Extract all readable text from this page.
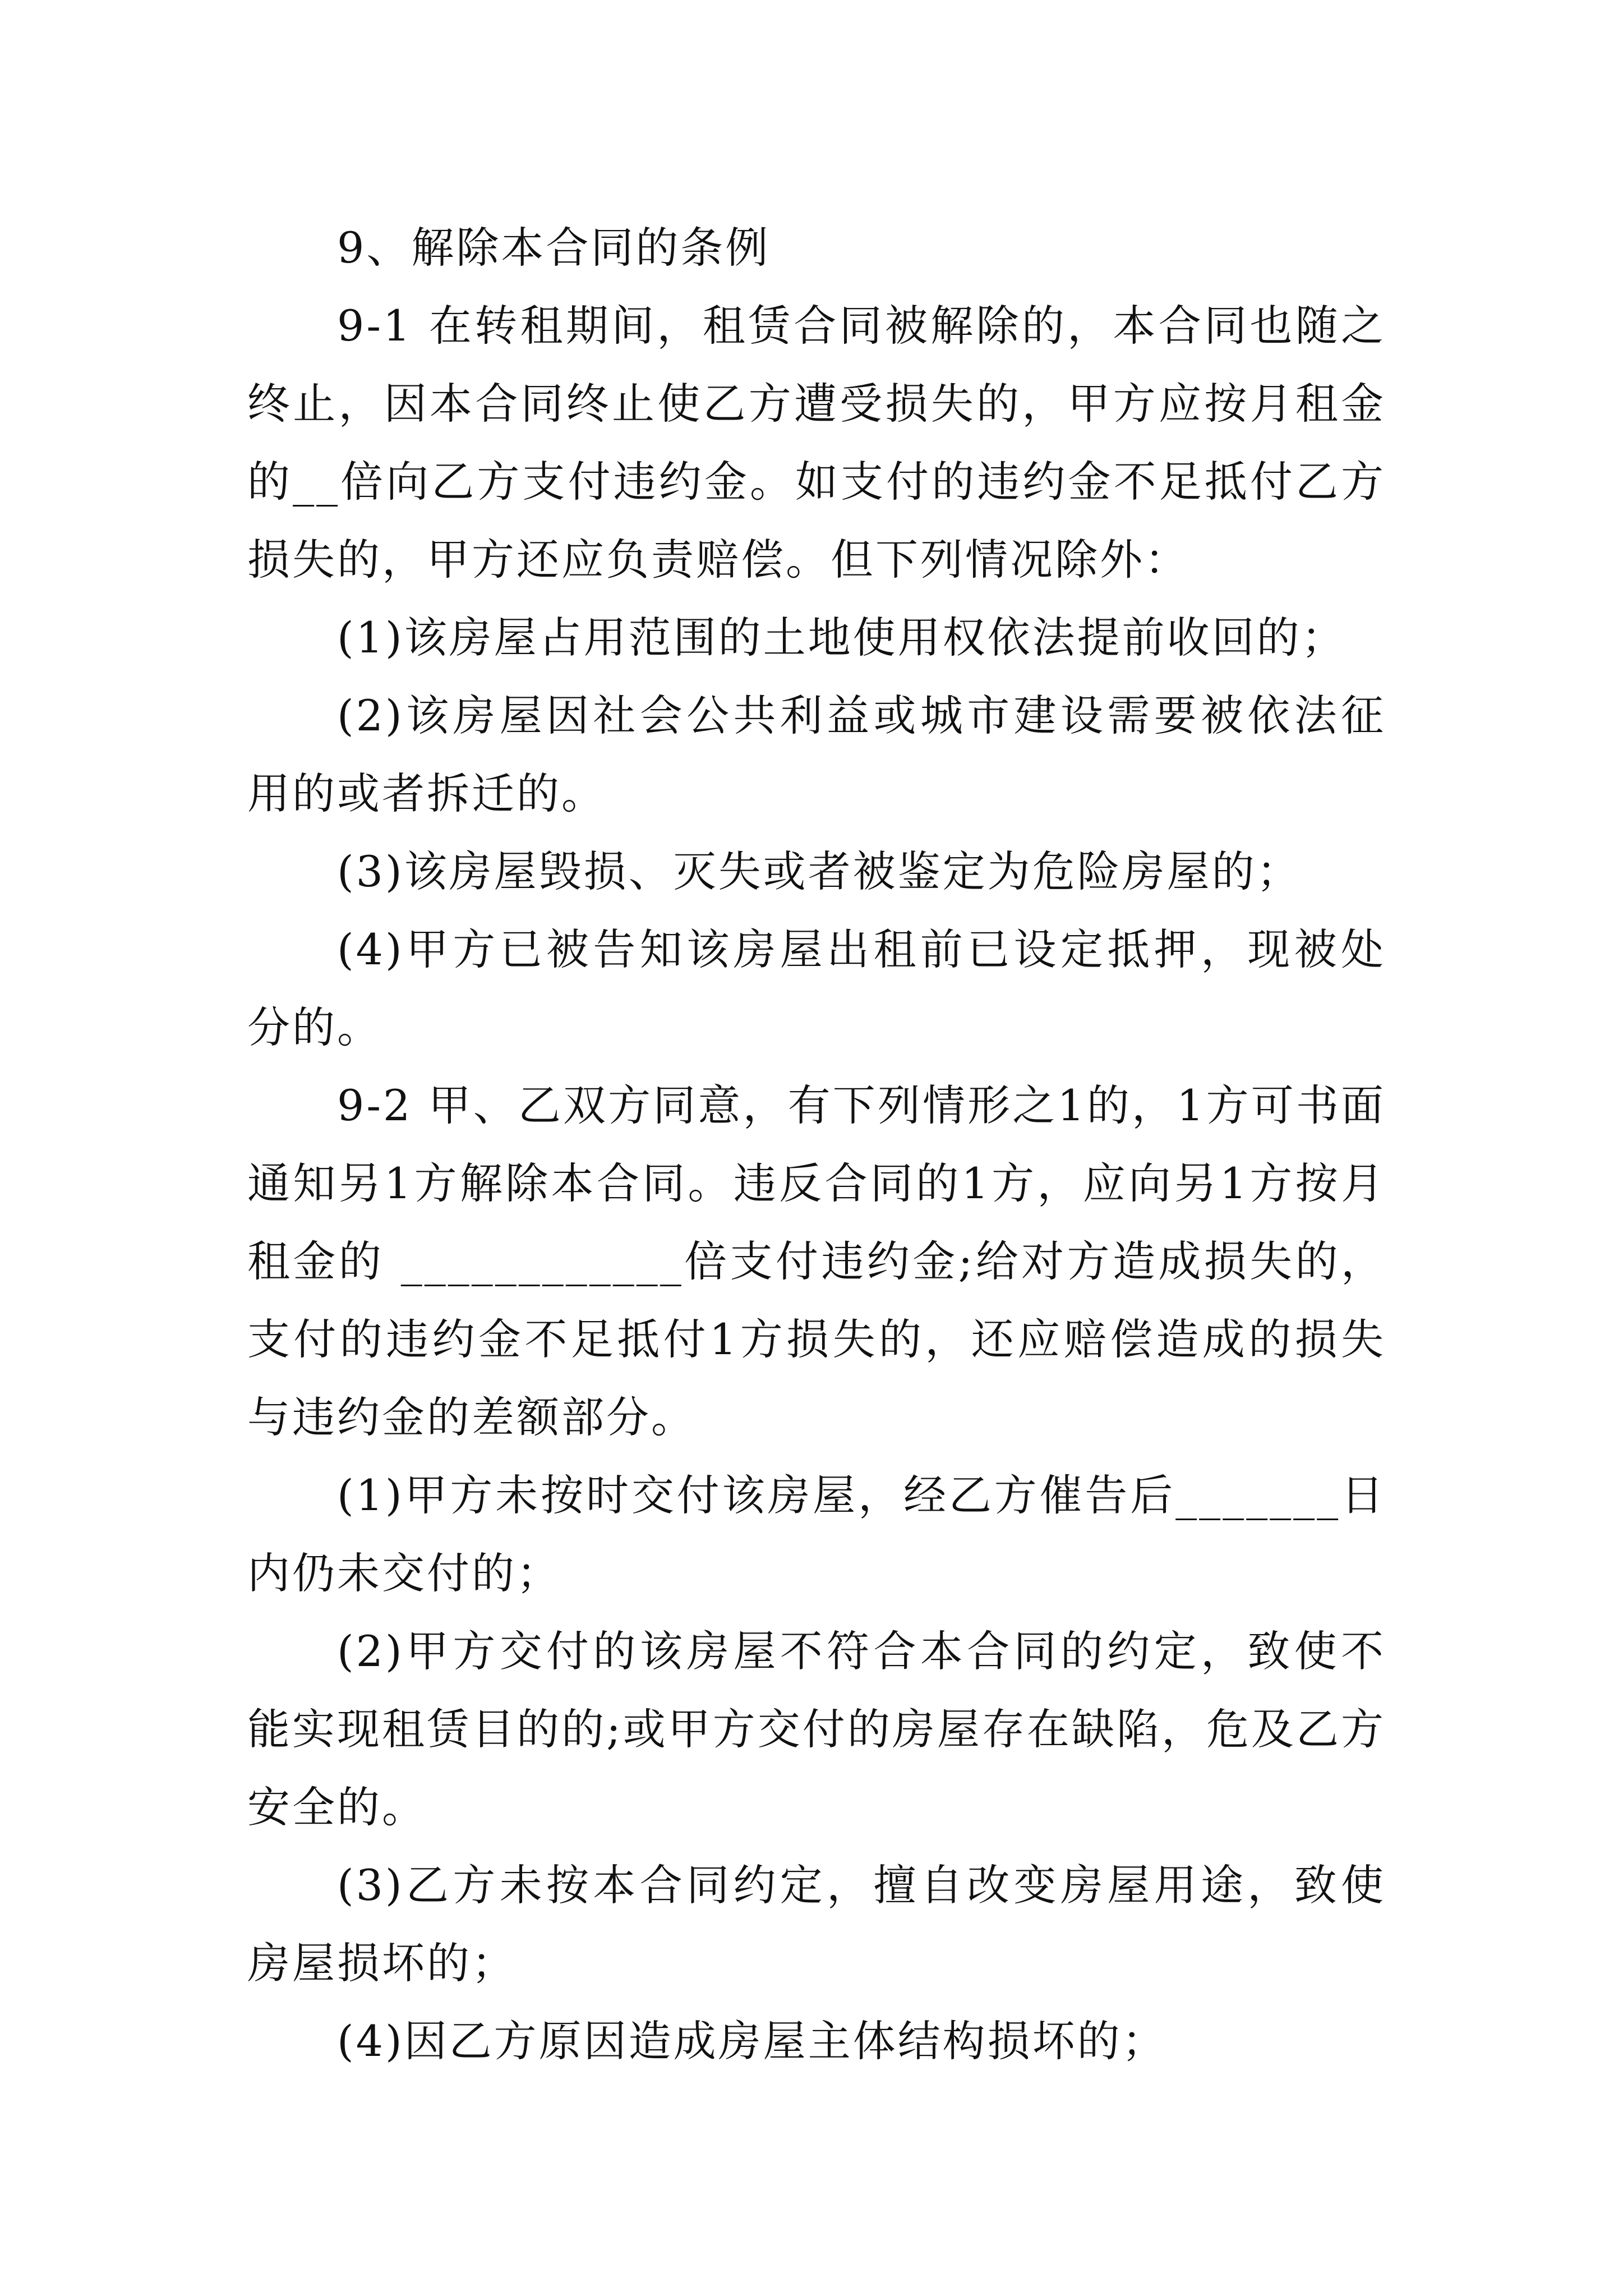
9、解除本合同的条例

9-1 在转租期间，租赁合同被解除的，本合同也随之终止，因本合同终止使乙方遭受损失的，甲方应按月租金的__倍向乙方支付违约金。如支付的违约金不足抵付乙方损失的，甲方还应负责赔偿。但下列情况除外：

(1)该房屋占用范围的土地使用权依法提前收回的；

(2)该房屋因社会公共利益或城市建设需要被依法征用的或者拆迁的。

(3)该房屋毁损、灭失或者被鉴定为危险房屋的；

(4)甲方已被告知该房屋出租前已设定抵押，现被处分的。

9-2 甲、乙双方同意，有下列情形之1的，1方可书面通知另1方解除本合同。违反合同的1方，应向另1方按月租金的 ____________倍支付违约金;给对方造成损失的，支付的违约金不足抵付1方损失的，还应赔偿造成的损失与违约金的差额部分。

(1)甲方未按时交付该房屋，经乙方催告后_______日内仍未交付的；

(2)甲方交付的该房屋不符合本合同的约定，致使不能实现租赁目的的;或甲方交付的房屋存在缺陷，危及乙方安全的。

(3)乙方未按本合同约定，擅自改变房屋用途，致使房屋损坏的；

(4)因乙方原因造成房屋主体结构损坏的；
